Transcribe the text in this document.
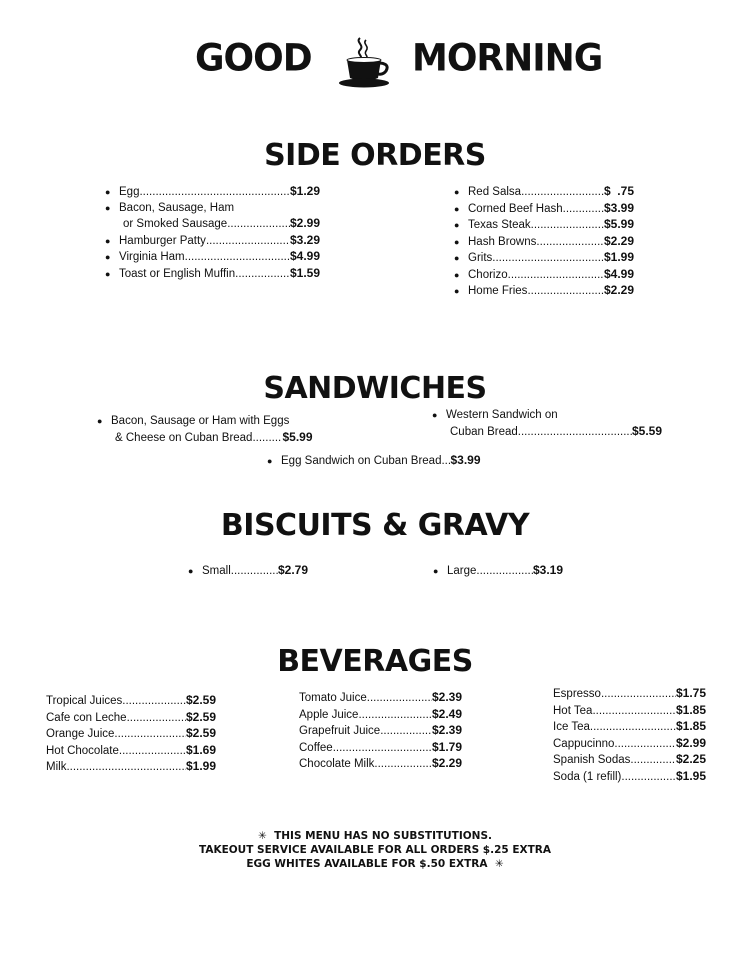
GOOD	MORNING
SIDE ORDERS
● Egg .....	$1.29
● Bacon, Sausage, Ham
or Smoked Sausage .....	$2.99
● Hamburger Patty .....	$3.29
● Virginia Ham .....	$4.99
● Toast or English Muffin .....	$1.59
● Red Salsa .....	$  .75
● Corned Beef Hash .....	$3.99
● Texas Steak .....	$5.99
● Hash Browns .....	$2.29
● Grits .....	$1.99
● Chorizo .....	$4.99
● Home Fries .....	$2.29
SANDWICHES
● Bacon, Sausage or Ham with Eggs
& Cheese on Cuban Bread .....	$5.99
● Western Sandwich on
Cuban Bread .....	$5.59
● Egg Sandwich on Cuban Bread ..... $3.99
BISCUITS & GRAVY
● Small .....	$2.79	● Large .....	$3.19
BEVERAGES
Tropical Juices .....	$2.59
Cafe con Leche .....	$2.59
Orange Juice .....	$2.59
Hot Chocolate .....	$1.69
Milk .....	$1.99
Tomato Juice .....	$2.39
Apple Juice .....	$2.49
Grapefruit Juice .....	$2.39
Coffee .....	$1.79
Chocolate Milk .....	$2.29
Espresso .....	$1.75
Hot Tea .....	$1.85
Ice Tea .....	$1.85
Cappucinno .....	$2.99
Spanish Sodas .....	$2.25
Soda (1 refill) .....	$1.95
✳ THIS MENU HAS NO SUBSTITUTIONS.
TAKEOUT SERVICE AVAILABLE FOR ALL ORDERS $.25 EXTRA
EGG WHITES AVAILABLE FOR $.50 EXTRA ✳
